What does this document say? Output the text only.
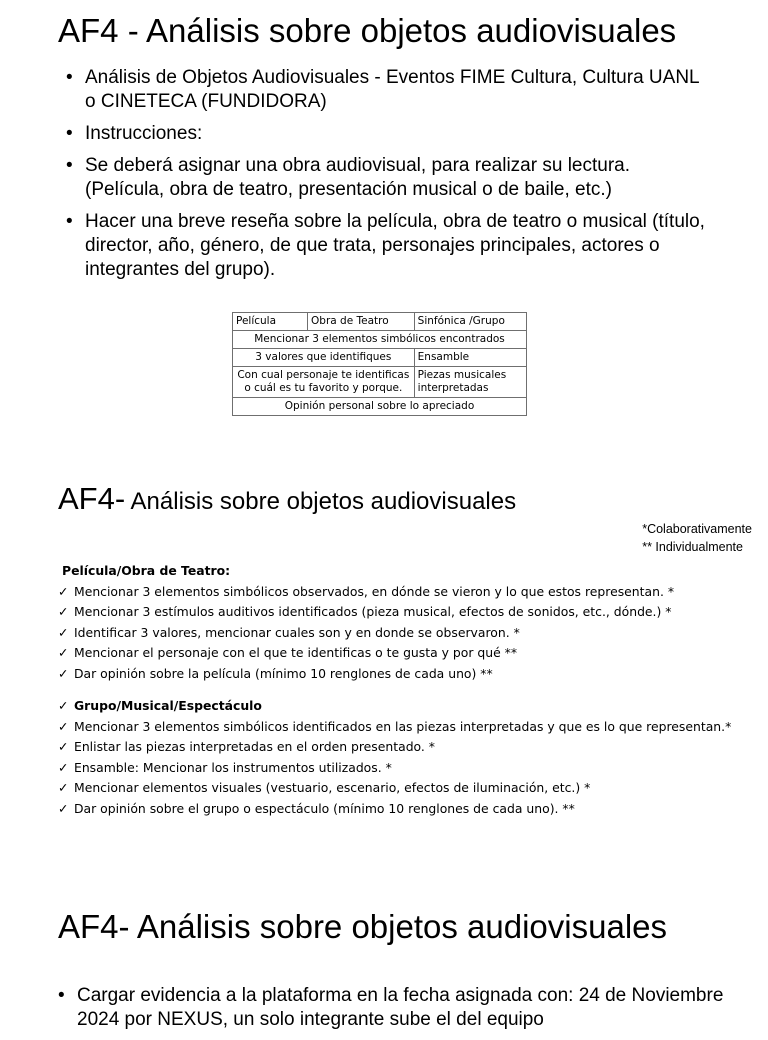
AF4 - Análisis sobre objetos audiovisuales
• Análisis de Objetos Audiovisuales - Eventos FIME Cultura, Cultura UANL o CINETECA (FUNDIDORA)
• Instrucciones:
• Se deberá asignar una obra audiovisual, para realizar su lectura. (Película, obra de teatro, presentación musical o de baile, etc.)
• Hacer una breve reseña sobre la película, obra de teatro o musical (título, director, año, género, de que trata, personajes principales, actores o integrantes del grupo).
Película	Obra de Teatro	Sinfónica /Grupo
Mencionar 3 elementos simbólicos encontrados		
3 valores que identifiques		Ensamble
Con cual personaje te identificas o cuál es tu favorito y porque.		Piezas musicales interpretadas
Opinión personal sobre lo apreciado		
AF4- Análisis sobre objetos audiovisuales
*Colaborativamente
** Individualmente
Película/Obra de Teatro:
✓ Mencionar 3 elementos simbólicos observados, en dónde se vieron y lo que estos representan. *
✓ Mencionar 3 estímulos auditivos identificados (pieza musical, efectos de sonidos, etc., dónde.) *
✓ Identificar 3 valores, mencionar cuales son y en donde se observaron. *
✓ Mencionar el personaje con el que te identificas o te gusta y por qué **
✓ Dar opinión sobre la película (mínimo 10 renglones de cada uno) **
✓ Grupo/Musical/Espectáculo
✓ Mencionar 3 elementos simbólicos identificados en las piezas interpretadas y que es lo que representan.*
✓ Enlistar las piezas interpretadas en el orden presentado. *
✓ Ensamble: Mencionar los instrumentos utilizados. *
✓ Mencionar elementos visuales (vestuario, escenario, efectos de iluminación, etc.) *
✓ Dar opinión sobre el grupo o espectáculo (mínimo 10 renglones de cada uno). **
AF4- Análisis sobre objetos audiovisuales
• Cargar evidencia a la plataforma en la fecha asignada con: 24 de Noviembre 2024 por NEXUS, un solo integrante sube el del equipo
